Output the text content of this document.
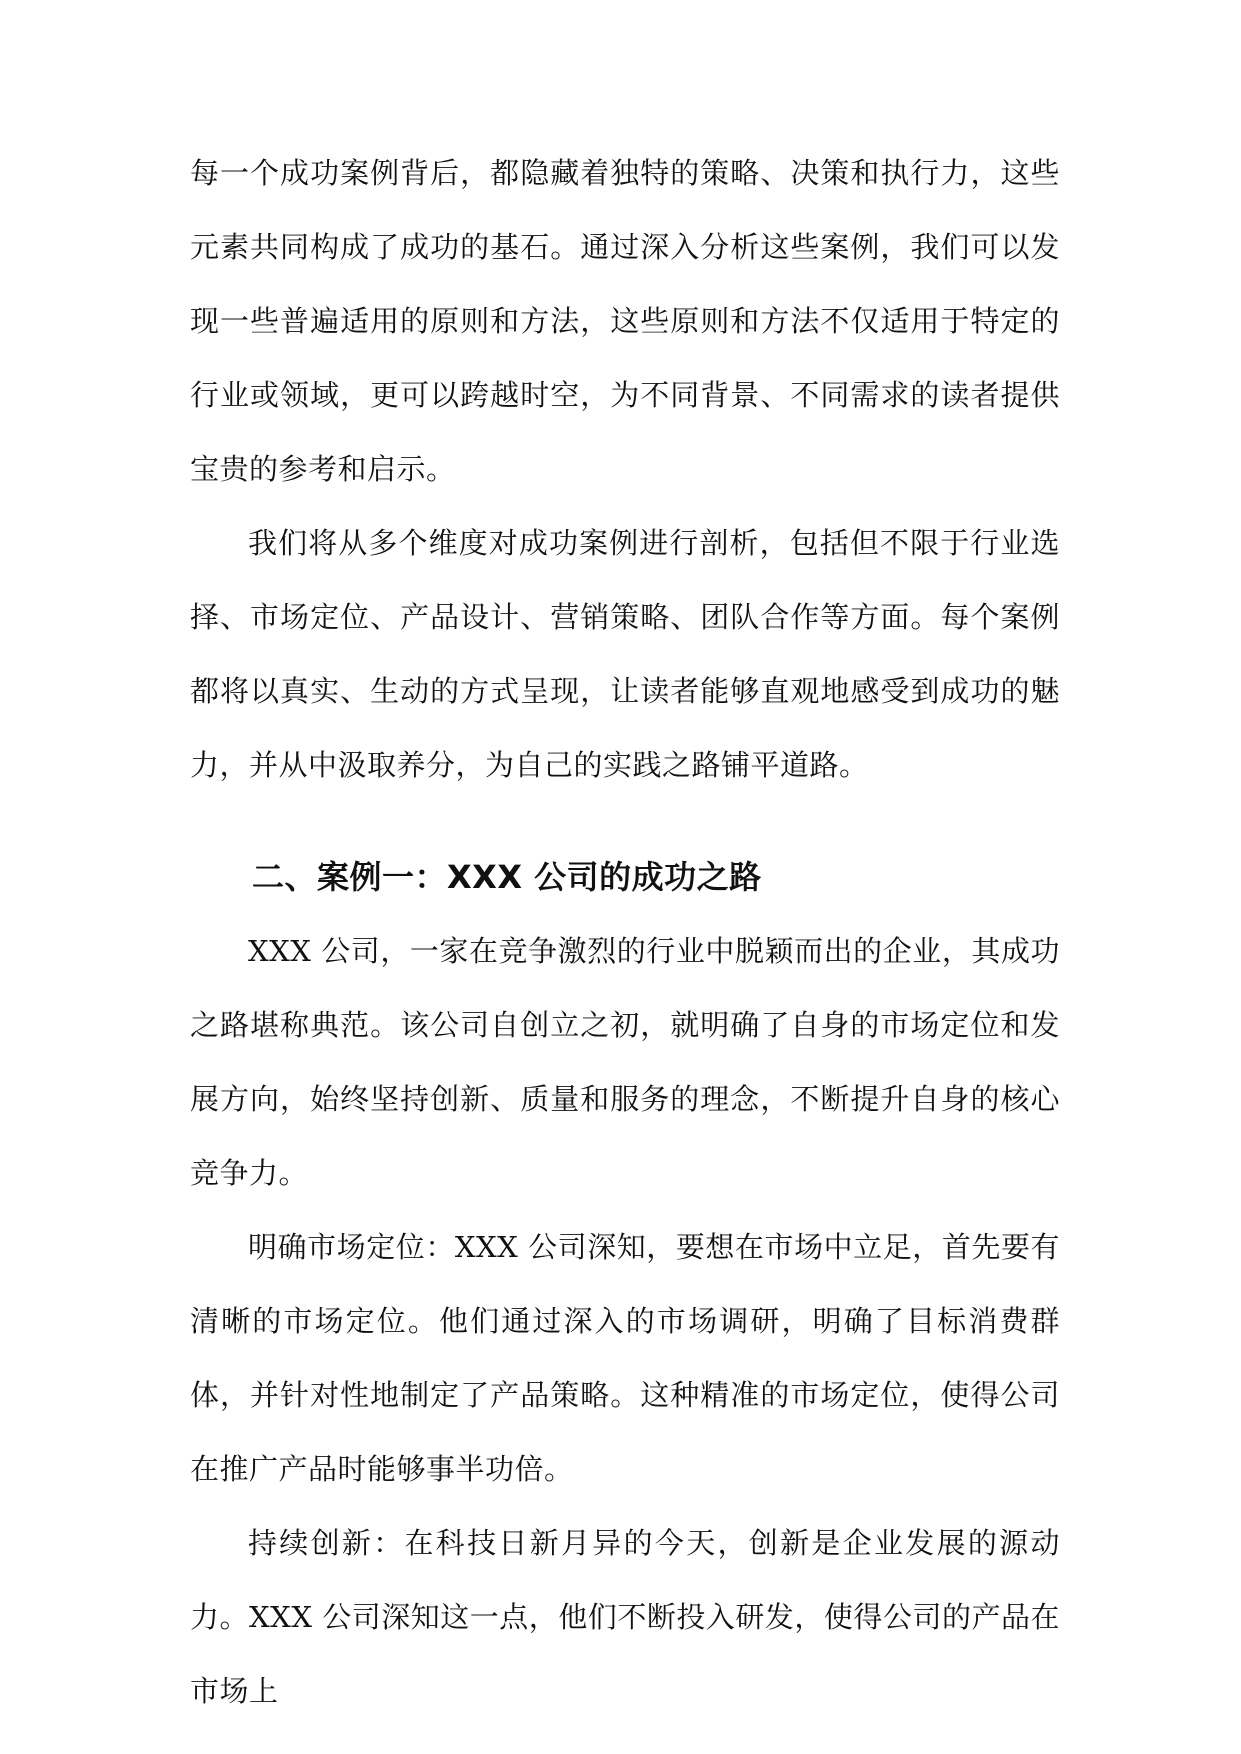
每一个成功案例背后，都隐藏着独特的策略、决策和执行力，这些元素共同构成了成功的基石。通过深入分析这些案例，我们可以发现一些普遍适用的原则和方法，这些原则和方法不仅适用于特定的行业或领域，更可以跨越时空，为不同背景、不同需求的读者提供宝贵的参考和启示。

我们将从多个维度对成功案例进行剖析，包括但不限于行业选择、市场定位、产品设计、营销策略、团队合作等方面。每个案例都将以真实、生动的方式呈现，让读者能够直观地感受到成功的魅力，并从中汲取养分，为自己的实践之路铺平道路。

二、案例一：XXX 公司的成功之路

XXX 公司，一家在竞争激烈的行业中脱颖而出的企业，其成功之路堪称典范。该公司自创立之初，就明确了自身的市场定位和发展方向，始终坚持创新、质量和服务的理念，不断提升自身的核心竞争力。

明确市场定位：XXX 公司深知，要想在市场中立足，首先要有清晰的市场定位。他们通过深入的市场调研，明确了目标消费群体，并针对性地制定了产品策略。这种精准的市场定位，使得公司在推广产品时能够事半功倍。

持续创新：在科技日新月异的今天，创新是企业发展的源动力。XXX 公司深知这一点，他们不断投入研发，使得公司的产品在市场上
